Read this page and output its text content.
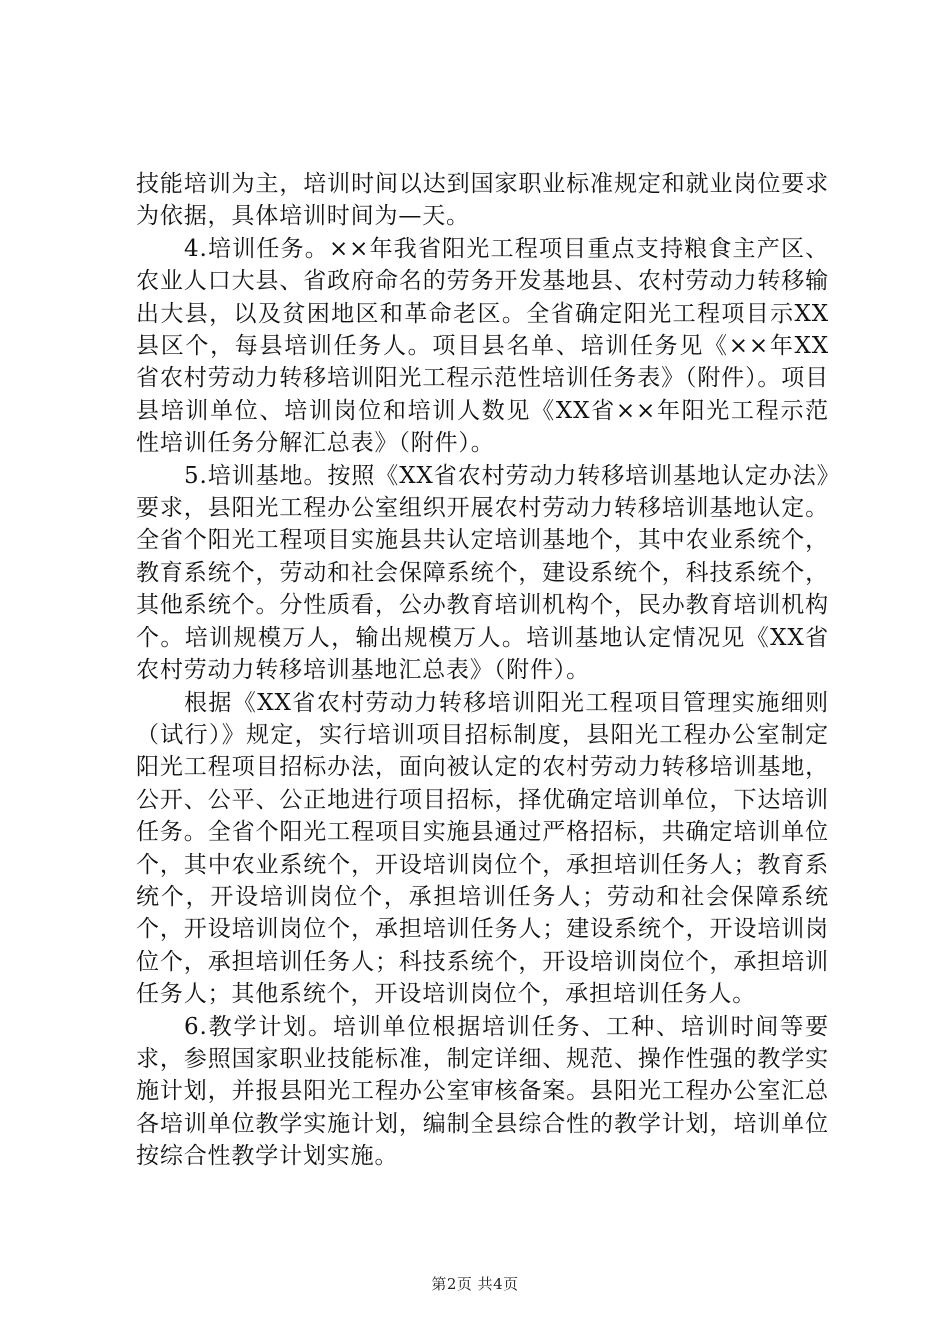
技能培训为主，培训时间以达到国家职业标准规定和就业岗位要求为依据，具体培训时间为—天。

4.培训任务。××年我省阳光工程项目重点支持粮食主产区、农业人口大县、省政府命名的劳务开发基地县、农村劳动力转移输出大县，以及贫困地区和革命老区。全省确定阳光工程项目示XX县区个，每县培训任务人。项目县名单、培训任务见《××年XX省农村劳动力转移培训阳光工程示范性培训任务表》（附件）。项目县培训单位、培训岗位和培训人数见《XX省××年阳光工程示范性培训任务分解汇总表》（附件）。

5.培训基地。按照《XX省农村劳动力转移培训基地认定办法》要求，县阳光工程办公室组织开展农村劳动力转移培训基地认定。全省个阳光工程项目实施县共认定培训基地个，其中农业系统个，教育系统个，劳动和社会保障系统个，建设系统个，科技系统个，其他系统个。分性质看，公办教育培训机构个，民办教育培训机构个。培训规模万人，输出规模万人。培训基地认定情况见《XX省农村劳动力转移培训基地汇总表》（附件）。

根据《XX省农村劳动力转移培训阳光工程项目管理实施细则（试行）》规定，实行培训项目招标制度，县阳光工程办公室制定阳光工程项目招标办法，面向被认定的农村劳动力转移培训基地，公开、公平、公正地进行项目招标，择优确定培训单位，下达培训任务。全省个阳光工程项目实施县通过严格招标，共确定培训单位个，其中农业系统个，开设培训岗位个，承担培训任务人；教育系统个，开设培训岗位个，承担培训任务人；劳动和社会保障系统个，开设培训岗位个，承担培训任务人；建设系统个，开设培训岗位个，承担培训任务人；科技系统个，开设培训岗位个，承担培训任务人；其他系统个，开设培训岗位个，承担培训任务人。

6.教学计划。培训单位根据培训任务、工种、培训时间等要求，参照国家职业技能标准，制定详细、规范、操作性强的教学实施计划，并报县阳光工程办公室审核备案。县阳光工程办公室汇总各培训单位教学实施计划，编制全县综合性的教学计划，培训单位按综合性教学计划实施。

第2页 共4页
